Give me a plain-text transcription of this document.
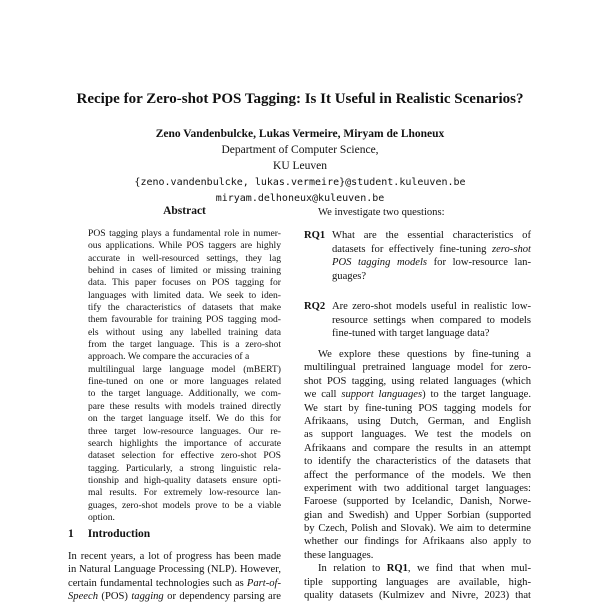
Recipe for Zero-shot POS Tagging: Is It Useful in Realistic Scenarios?
Zeno Vandenbulcke, Lukas Vermeire, Miryam de Lhoneux
Department of Computer Science,
KU Leuven
{zeno.vandenbulcke, lukas.vermeire}@student.kuleuven.be
miryam.delhoneux@kuleuven.be
Abstract
POS tagging plays a fundamental role in numer-
ous applications. While POS taggers are highly
accurate in well-resourced settings, they lag
behind in cases of limited or missing training
data. This paper focuses on POS tagging for
languages with limited data. We seek to iden-
tify the characteristics of datasets that make
them favourable for training POS tagging mod-
els without using any labelled training data
from the target language. This is a zero-shot
approach. We compare the accuracies of a
multilingual large language model (mBERT)
fine-tuned on one or more languages related
to the target language. Additionally, we com-
pare these results with models trained directly
on the target language itself. We do this for
three target low-resource languages. Our re-
search highlights the importance of accurate
dataset selection for effective zero-shot POS
tagging. Particularly, a strong linguistic rela-
tionship and high-quality datasets ensure opti-
mal results. For extremely low-resource lan-
guages, zero-shot models prove to be a viable
option.
1 Introduction
In recent years, a lot of progress has been made
in Natural Language Processing (NLP). However,
certain fundamental technologies such as Part-of-
Speech (POS) tagging or dependency parsing are
We investigate two questions:
RQ1 What are the essential characteristics of
datasets for effectively fine-tuning zero-shot
POS tagging models for low-resource lan-
guages?
RQ2 Are zero-shot models useful in realistic low-
resource settings when compared to models
fine-tuned with target language data?
We explore these questions by fine-tuning a
multilingual pretrained language model for zero-
shot POS tagging, using related languages (which
we call support languages) to the target language.
We start by fine-tuning POS tagging models for
Afrikaans, using Dutch, German, and English
as support languages. We test the models on
Afrikaans and compare the results in an attempt
to identify the characteristics of the datasets that
affect the performance of the models. We then
experiment with two additional target languages:
Faroese (supported by Icelandic, Danish, Norwe-
gian and Swedish) and Upper Sorbian (supported
by Czech, Polish and Slovak). We aim to determine
whether our findings for Afrikaans also apply to
these languages.
In relation to RQ1, we find that when mul-
tiple supporting languages are available, high-
quality datasets (Kulmizev and Nivre, 2023) that
